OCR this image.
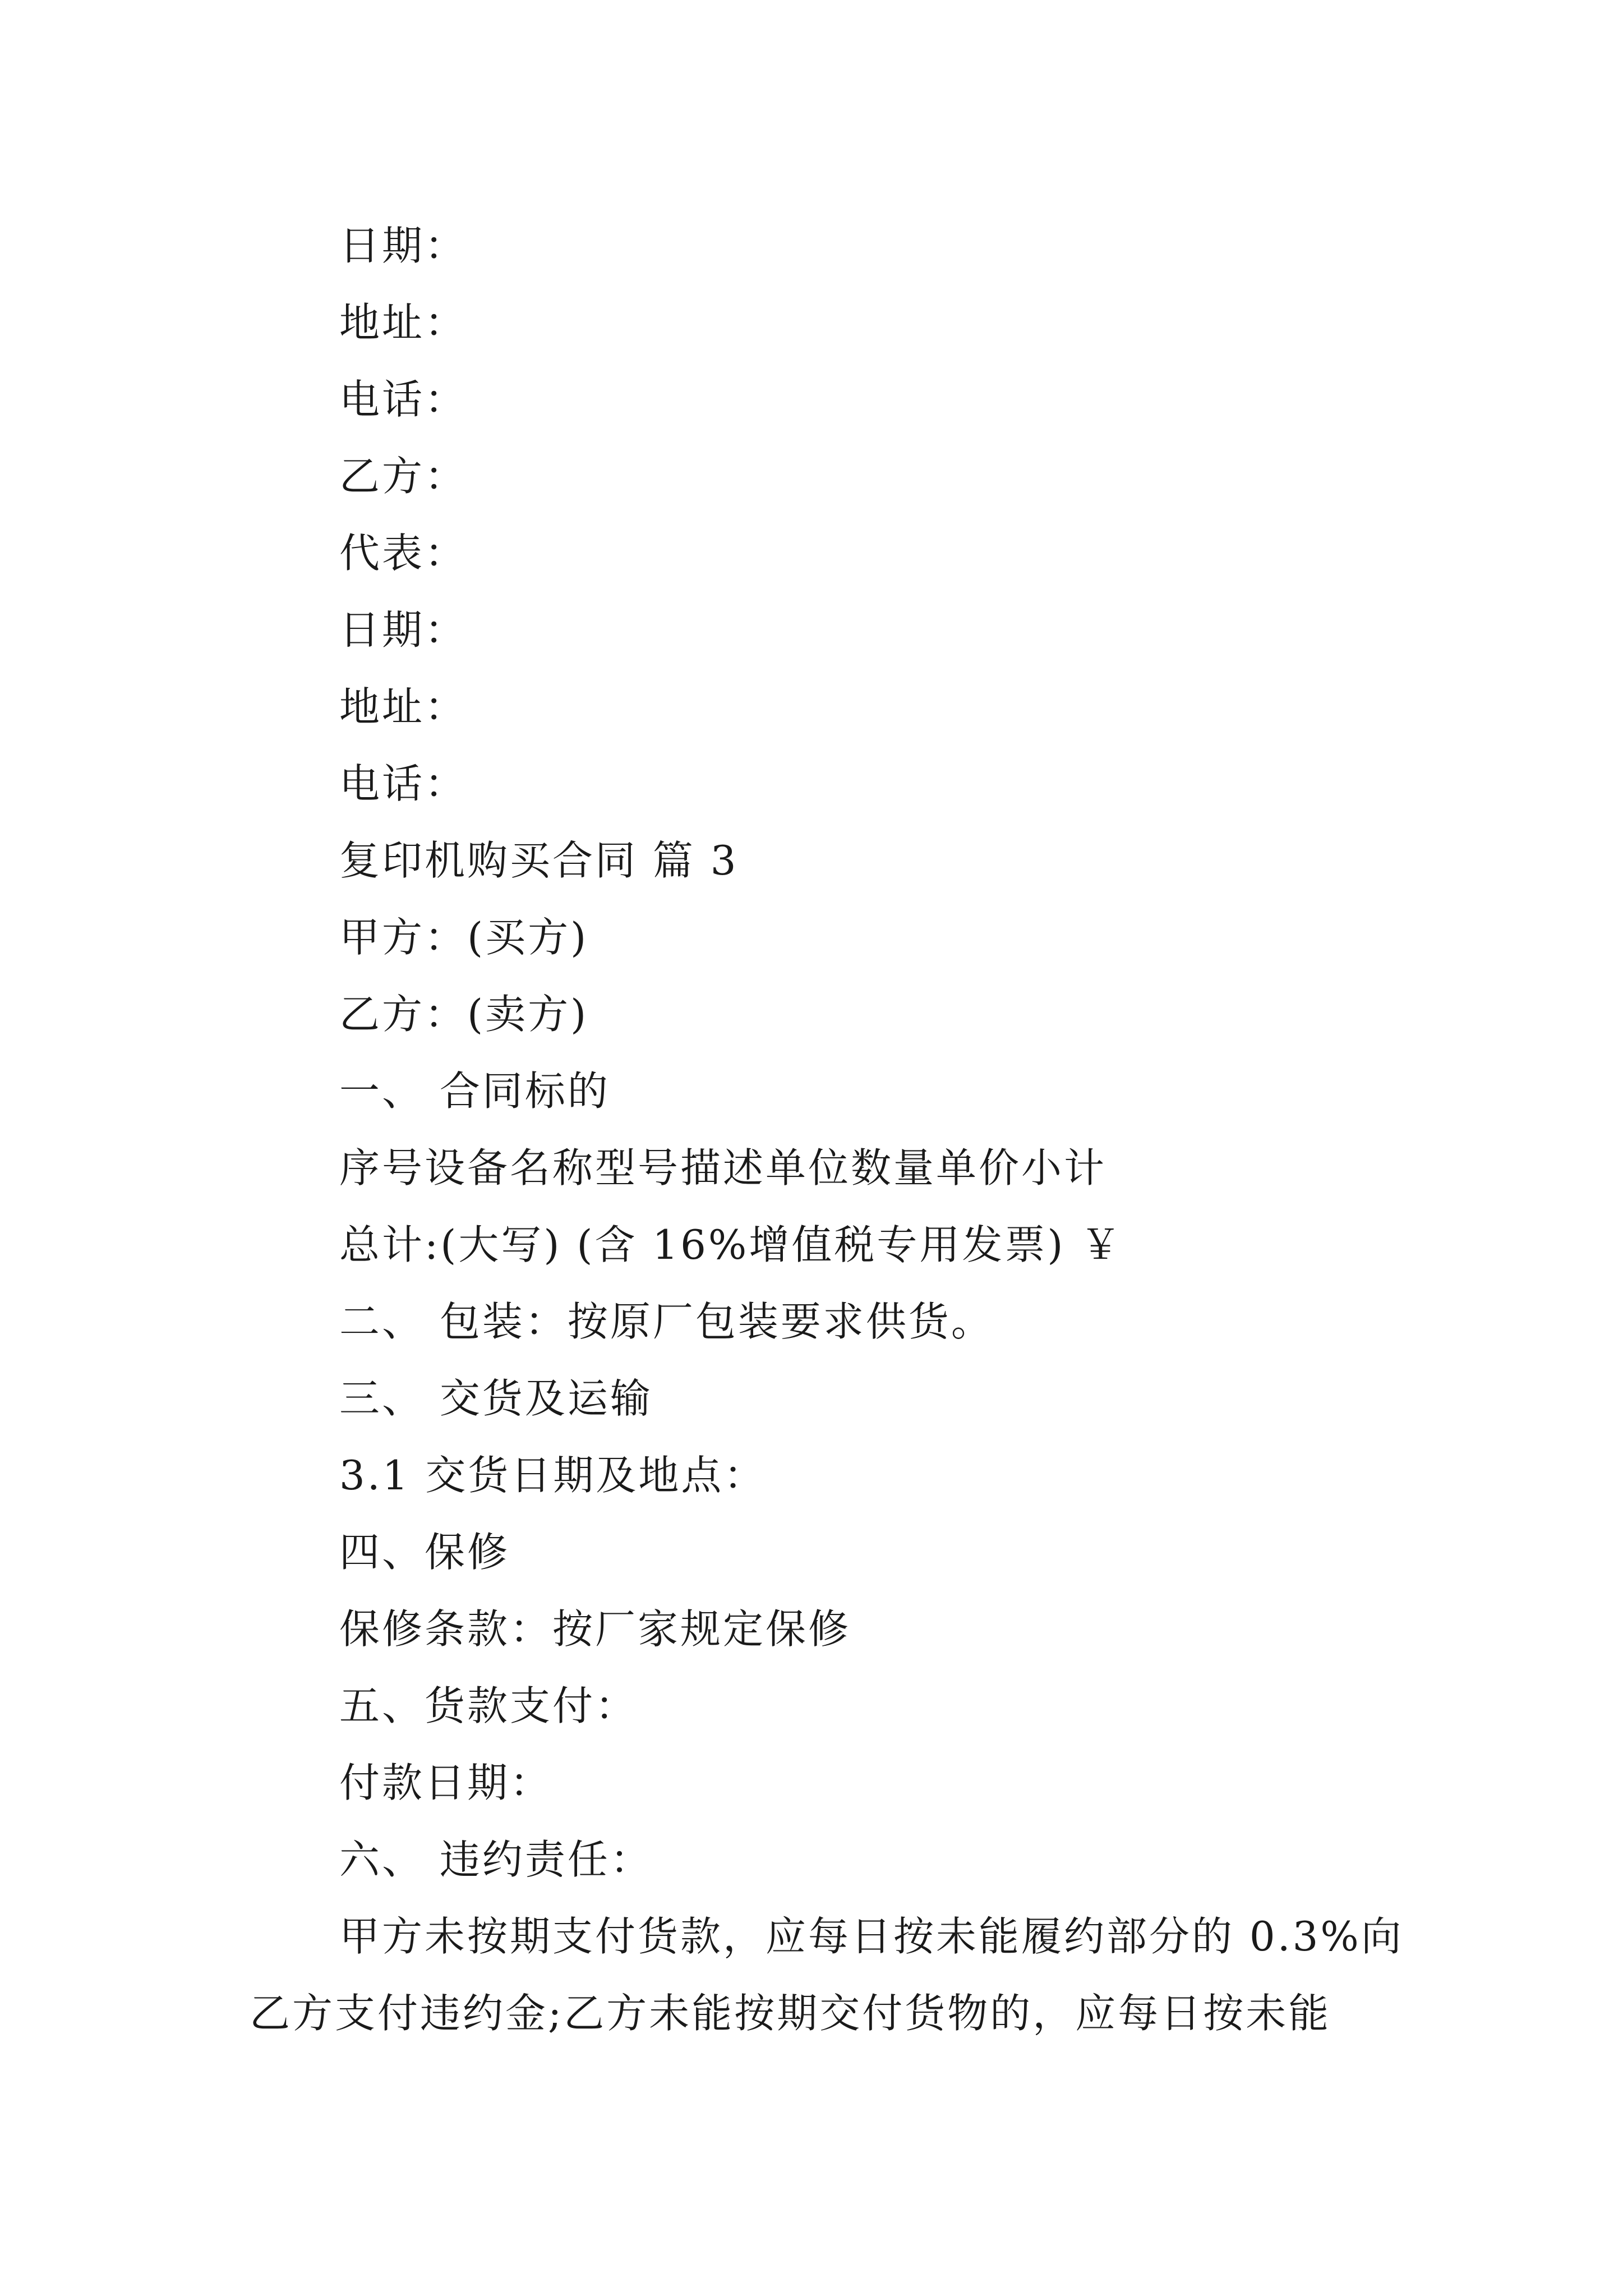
日期：
地址：
电话：
乙方：
代表：
日期：
地址：
电话：
复印机购买合同 篇 3
甲方：(买方)
乙方：(卖方)
一、 合同标的
序号设备名称型号描述单位数量单价小计
总计:(大写) (含 16%增值税专用发票) ￥
二、 包装：按原厂包装要求供货。
三、 交货及运输
3.1 交货日期及地点：
四、保修
保修条款：按厂家规定保修
五、货款支付：
付款日期：
六、 违约责任：
甲方未按期支付货款，应每日按未能履约部分的 0.3%向
乙方支付违约金;乙方未能按期交付货物的，应每日按未能
